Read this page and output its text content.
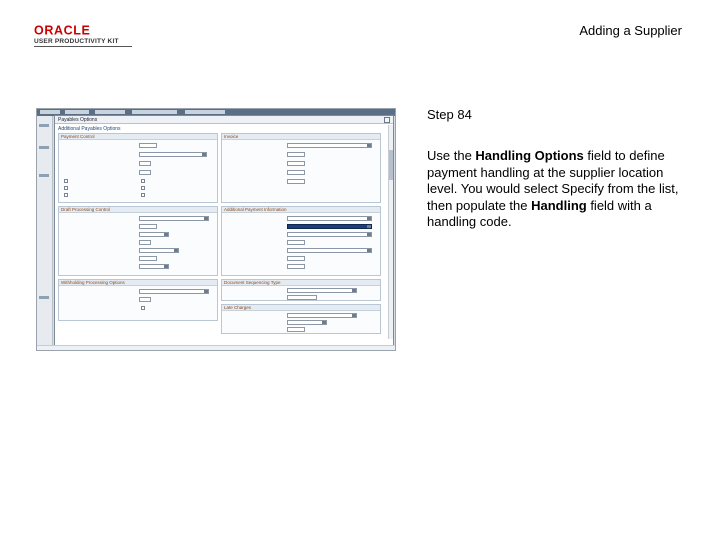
ORACLE
USER PRODUCTIVITY KIT
Adding a Supplier
Payables Options
Additional Payables Options
Payment Control	Invoice
Draft Processing Control	Additional Payment Information
Withholding Processing Options	Document Sequencing Type
Late Charges
Step 84
Use the Handling Options field to define payment handling at the supplier location level. You would select Specify from the list, then populate the Handling field with a handling code.
